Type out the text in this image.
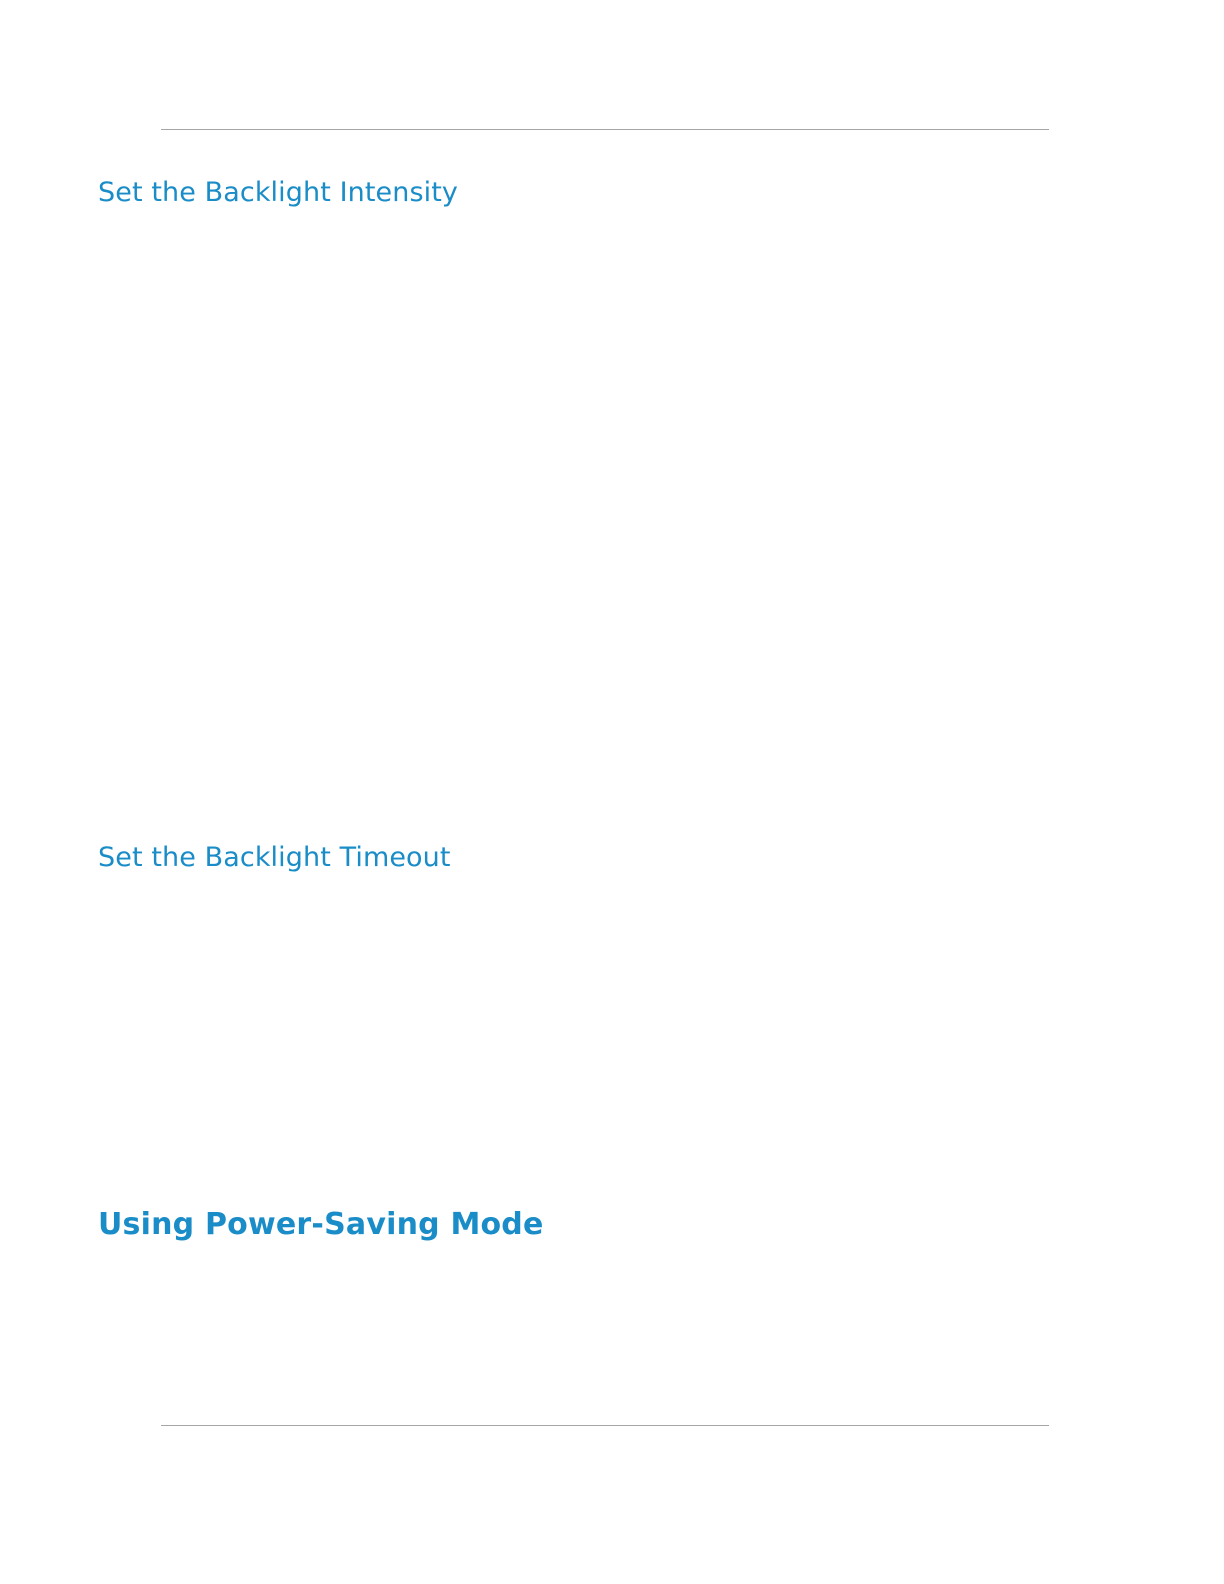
Set the Backlight Intensity
Set the Backlight Timeout
Using Power-Saving Mode
